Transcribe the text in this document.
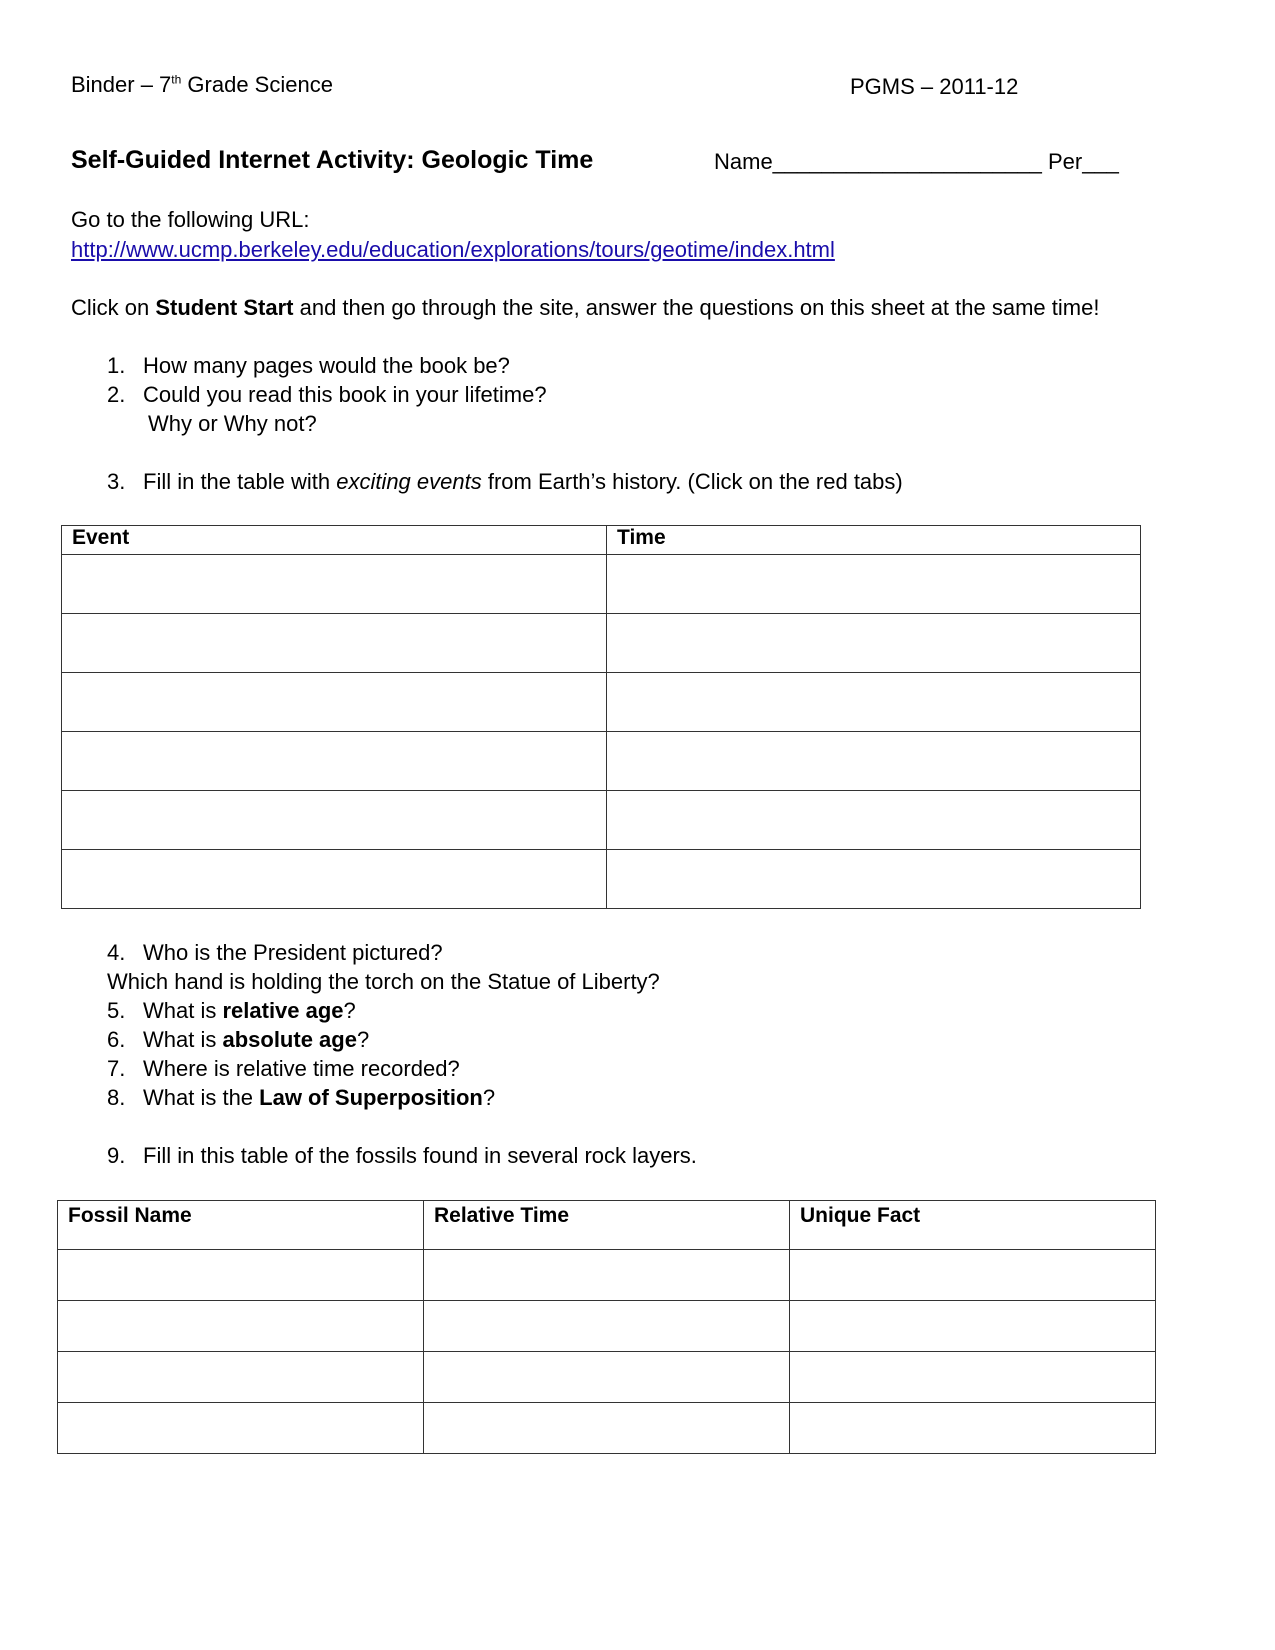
Binder – 7th Grade Science	PGMS – 2011-12
Self-Guided Internet Activity: Geologic Time	Name______________________ Per___
Go to the following URL:
http://www.ucmp.berkeley.edu/education/explorations/tours/geotime/index.html
Click on Student Start and then go through the site, answer the questions on this sheet at the same time!
1. How many pages would the book be?
2. Could you read this book in your lifetime?
Why or Why not?
3. Fill in the table with exciting events from Earth’s history. (Click on the red tabs)
Event	Time

4. Who is the President pictured?
Which hand is holding the torch on the Statue of Liberty?
5. What is relative age?
6. What is absolute age?
7. Where is relative time recorded?
8. What is the Law of Superposition?
9. Fill in this table of the fossils found in several rock layers.
Fossil Name	Relative Time	Unique Fact
